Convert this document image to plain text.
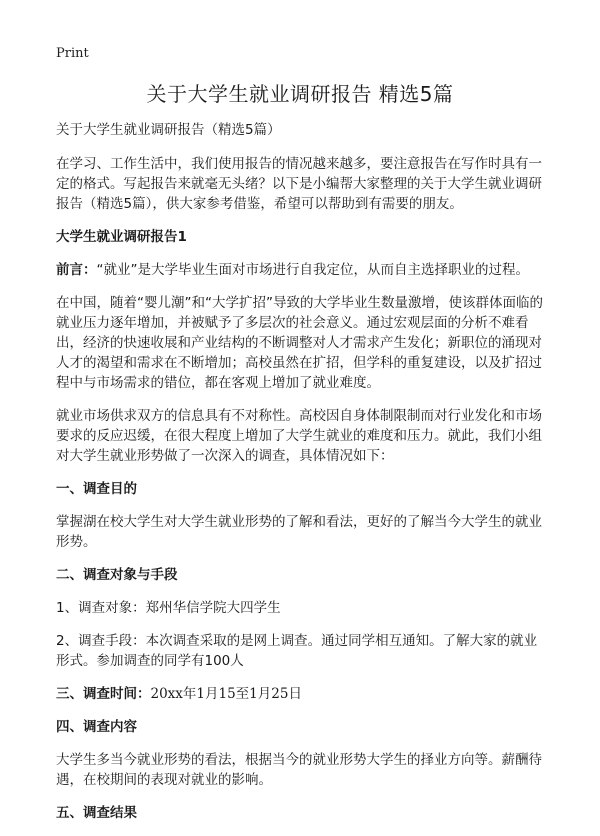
Print
关于大学生就业调研报告 精选5篇

关于大学生就业调研报告（精选5篇）

在学习、工作生活中，我们使用报告的情况越来越多，要注意报告在写作时具有一定的格式。写起报告来就毫无头绪？以下是小编帮大家整理的关于大学生就业调研报告（精选5篇），供大家参考借鉴，希望可以帮助到有需要的朋友。

大学生就业调研报告1

前言：“就业”是大学毕业生面对市场进行自我定位，从而自主选择职业的过程。

在中国，随着“婴儿潮”和“大学扩招”导致的大学毕业生数量激增，使该群体面临的就业压力逐年增加，并被赋予了多层次的社会意义。通过宏观层面的分析不难看出，经济的快速收展和产业结构的不断调整对人才需求产生发化；新职位的涌现对人才的渴望和需求在不断增加；高校虽然在扩招，但学科的重复建设，以及扩招过程中与市场需求的错位，都在客观上增加了就业难度。

就业市场供求双方的信息具有不对称性。高校因自身体制限制而对行业发化和市场要求的反应迟缓，在很大程度上增加了大学生就业的难度和压力。就此，我们小组对大学生就业形势做了一次深入的调查，具体情况如下：

一、调查目的

掌握湖在校大学生对大学生就业形势的了解和看法，更好的了解当今大学生的就业形势。

二、调查对象与手段

1、调查对象：郑州华信学院大四学生

2、调查手段：本次调查采取的是网上调查。通过同学相互通知。了解大家的就业形式。参加调查的同学有100人

三、调查时间：20xx年1月15至1月25日

四、调查内容

大学生多当今就业形势的看法，根据当今的就业形势大学生的择业方向等。薪酬待遇，在校期间的表现对就业的影响。

五、调查结果
